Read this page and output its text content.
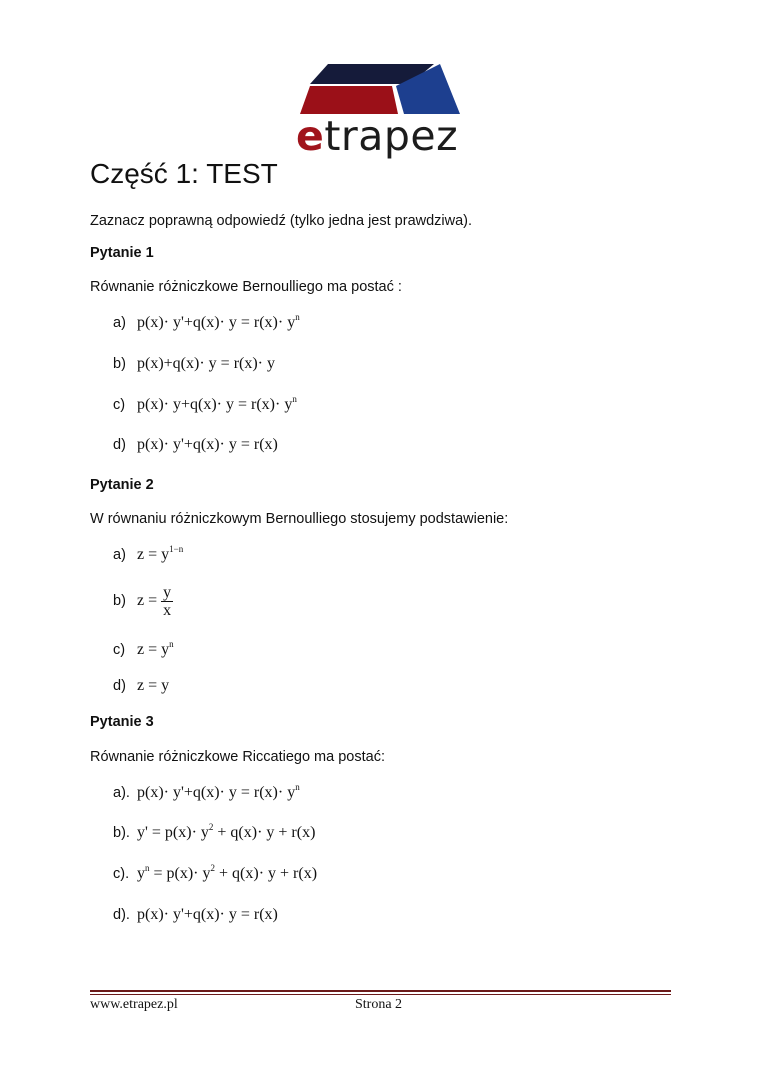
etrapez
Część 1: TEST
Zaznacz poprawną odpowiedź (tylko jedna jest prawdziwa).
Pytanie 1
Równanie różniczkowe Bernoulliego ma postać :
a) $p(x)\cdot y'+q(x)\cdot y = r(x)\cdot y^n$
b) p(x)+q(x)· y = r(x)· y
c) $p(x)\cdot y+q(x)\cdot y = r(x)\cdot y^n$
d) p(x)· y'+q(x)· y = r(x)
Pytanie 2
W równaniu różniczkowym Bernoulliego stosujemy podstawienie:
a) $z = y^{1-n}$
b) $z = \frac{y}{x}$
c) $z = y^n$
d) z = y
Pytanie 3
Równanie różniczkowe Riccatiego ma postać:
a). $p(x)\cdot y'+q(x)\cdot y = r(x)\cdot y^n$
b). $y' = p(x)\cdot y^2 + q(x)\cdot y + r(x)$
c). $y^n = p(x)\cdot y^2 + q(x)\cdot y + r(x)$
d). p(x)· y'+q(x)· y = r(x)
www.etrapez.pl	Strona 2
